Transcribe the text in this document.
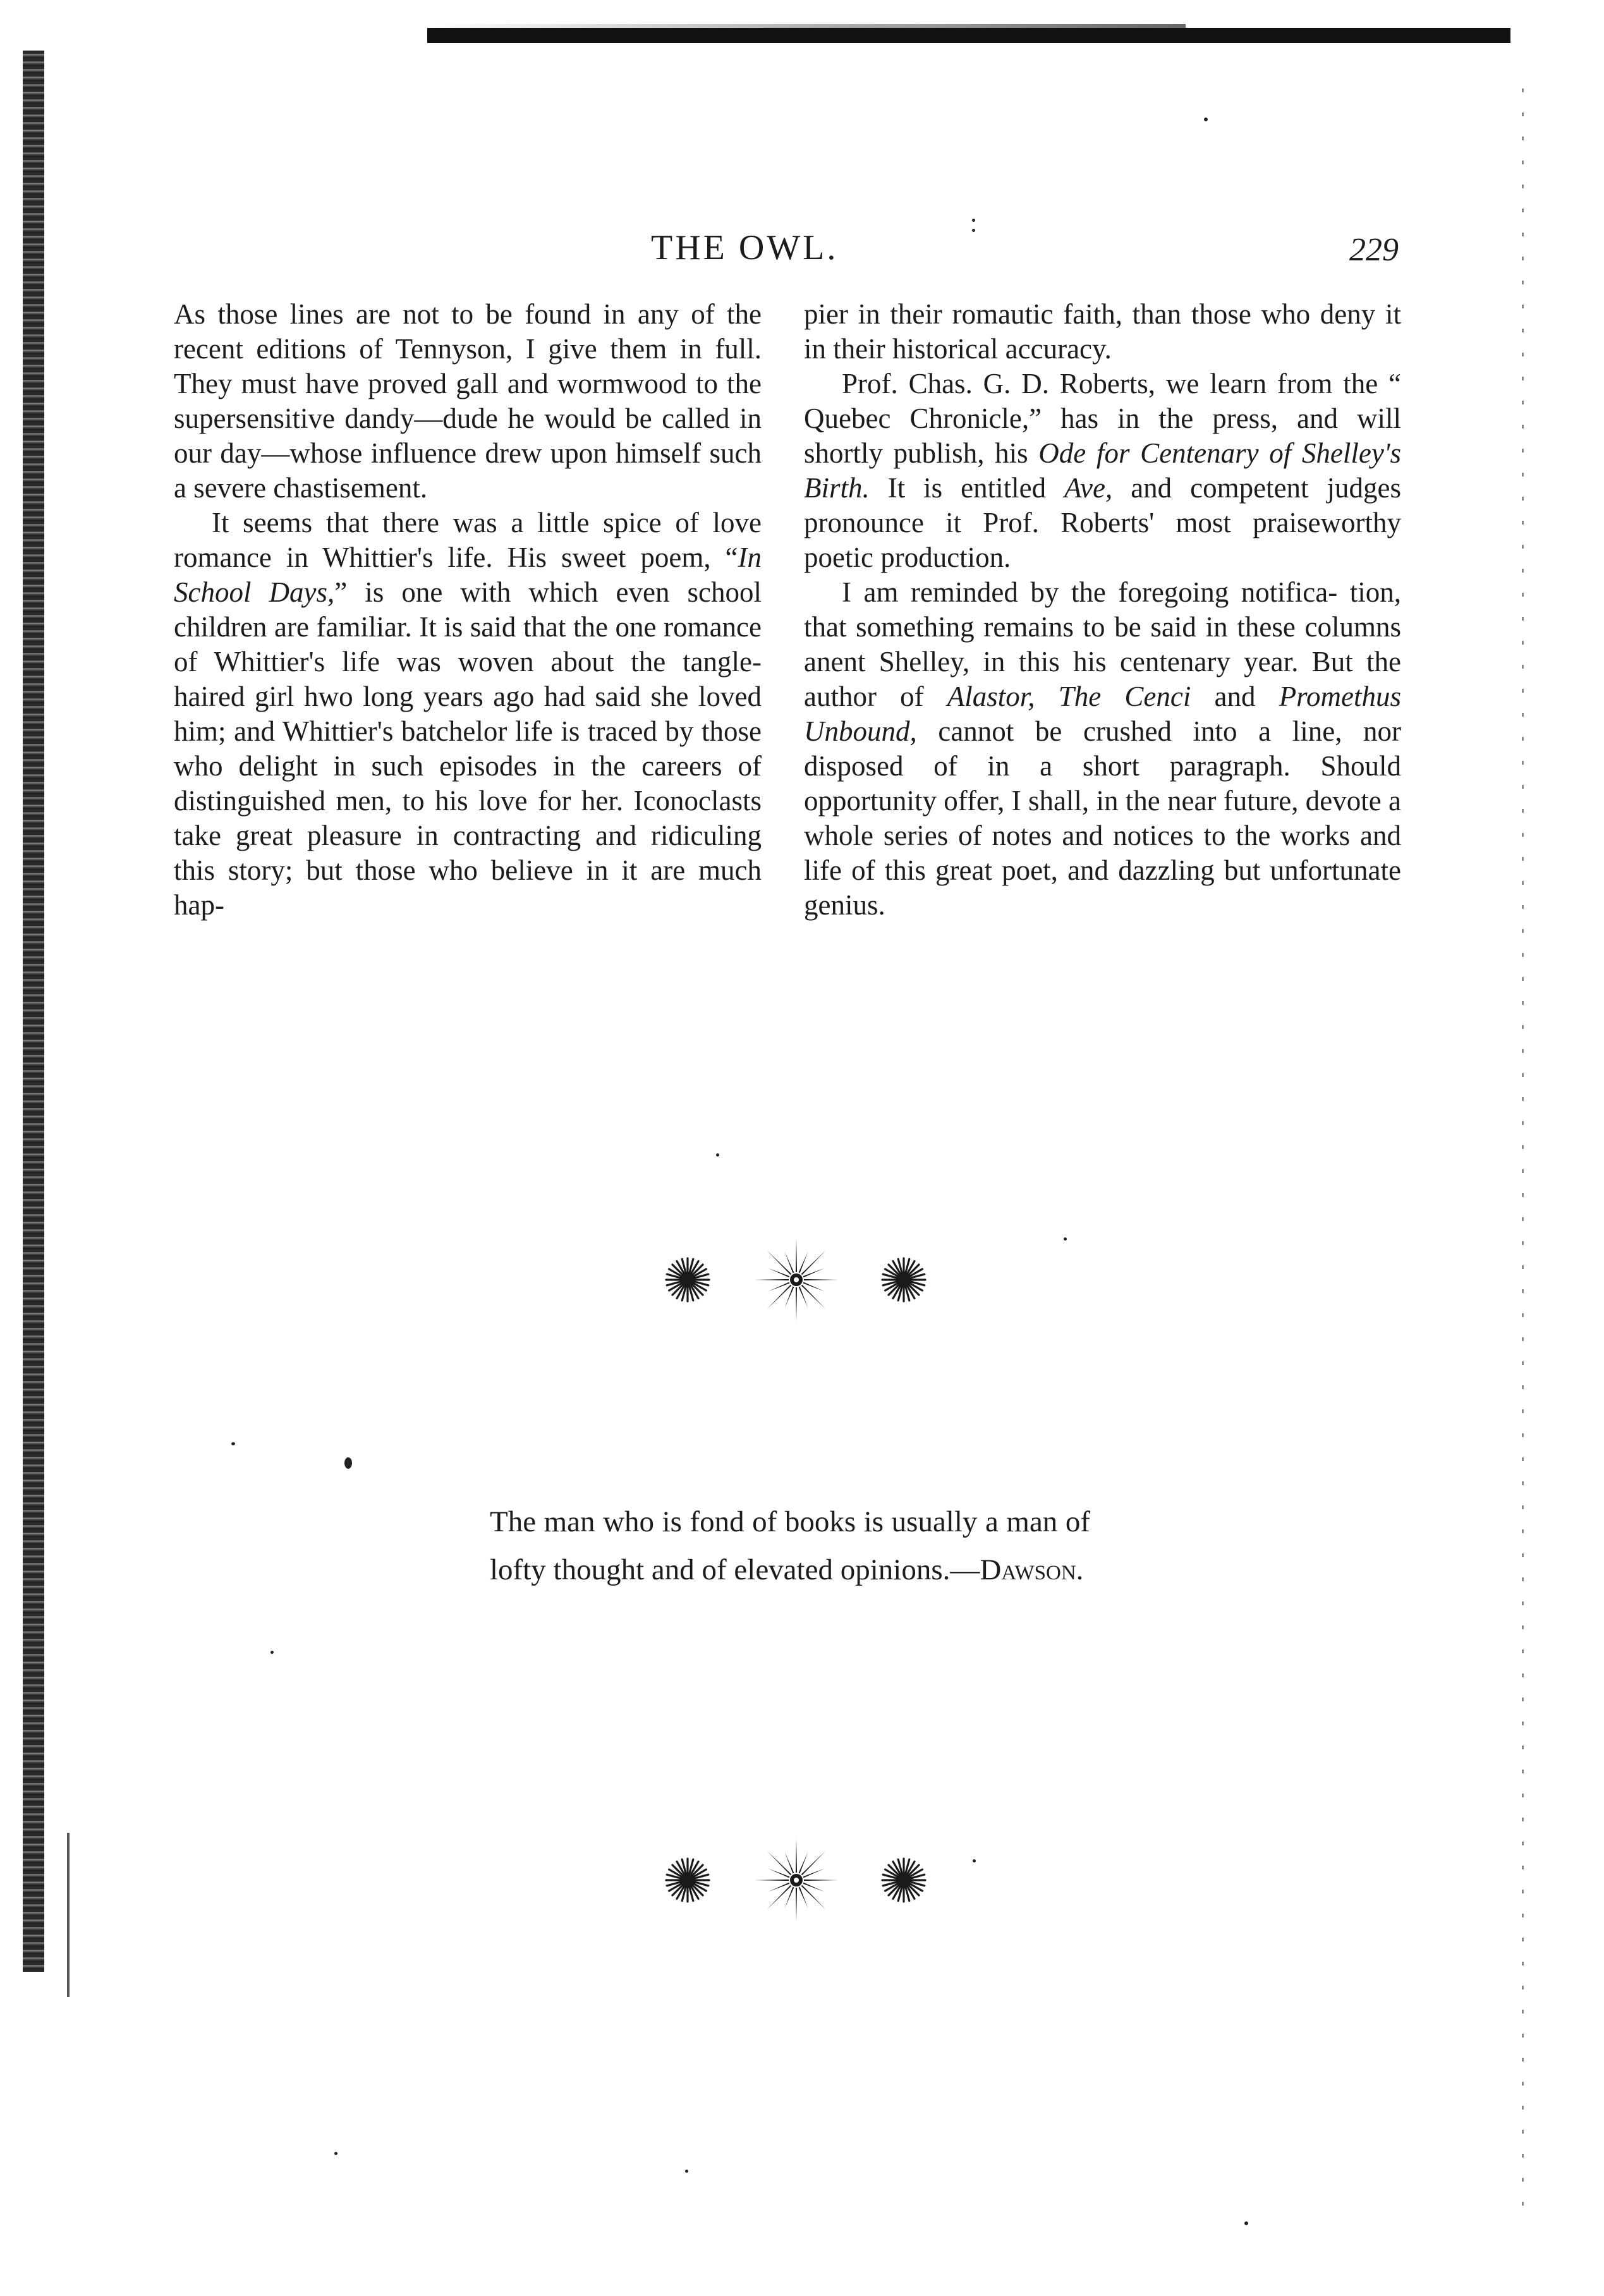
THE OWL.	229

As those lines are not to be found in any of the recent editions of Tennyson, I give them in full. They must have proved gall and wormwood to the supersensitive dandy—dude he would be called in our day—whose influence drew upon himself such a severe chastisement.

It seems that there was a little spice of love romance in Whittier's life. His sweet poem, “In School Days,” is one with which even school children are familiar. It is said that the one romance of Whittier's life was woven about the tangle-haired girl hwo long years ago had said she loved him; and Whittier's batchelor life is traced by those who delight in such episodes in the careers of distinguished men, to his love for her. Iconoclasts take great pleasure in contracting and ridiculing this story; but those who believe in it are much hap-

pier in their romautic faith, than those who deny it in their historical accuracy.

Prof. Chas. G. D. Roberts, we learn from the “ Quebec Chronicle,” has in the press, and will shortly publish, his Ode for Centenary of Shelley's Birth. It is entitled Ave, and competent judges pronounce it Prof. Roberts' most praiseworthy poetic production.

I am reminded by the foregoing notifica- tion, that something remains to be said in these columns anent Shelley, in this his centenary year. But the author of Alastor, The Cenci and Promethus Unbound, cannot be crushed into a line, nor disposed of in a short paragraph. Should opportunity offer, I shall, in the near future, devote a whole series of notes and notices to the works and life of this great poet, and dazzling but unfortunate genius.

The man who is fond of books is usually a man of lofty thought and of elevated opinions.—Dawson.
